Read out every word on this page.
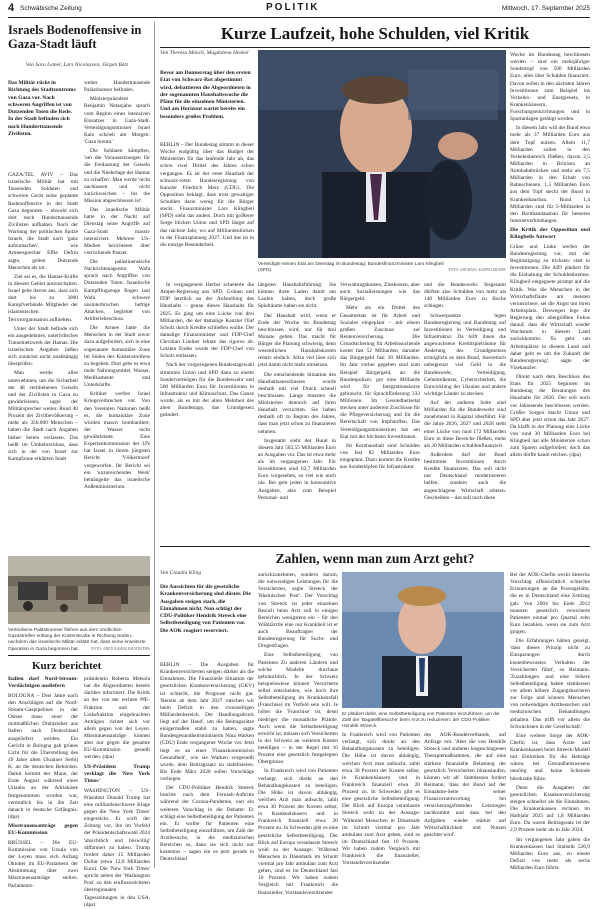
4 Schwäbische Zeitung	POLITIK	Mittwoch, 17. September 2025
Israels Bodenoffensive in Gaza-Stadt läuft
Von Sara Lemel, Lars Nicolaysen, Jürgen Bätz
Das Militär rückt in Richtung des Stadtzentrums von Gaza vor. Nach schweren Angriffen ist von Dutzenden Toten die Rede. In der Stadt befinden sich noch Hunderttausende Zivilisten.

GAZA/TEL AVIV – Das israelische Militär hat mit Tausenden Soldaten und schweren Gerät seine geplante Bodenoffensive in der Stadt Gaza begonnen – obwohl sich dort noch Hunderttausende Zivilisten aufhalten. Nach der Warnung der politischen Spitze Israels, die Stadt nach 'ganz aufzumachen', wie Armeesprecher Effie Defrin sagte, gelten Dutzende Menschen als tot.

Ziel sei es, die Hamas-Kräfte in diesem Gebiet auszuschalten. Israel gehe davon aus, dass sich dort bis zu 3000 Kampfverbände Mitglieder der islamistischen Terrororganisation aufhielten.

Unter der Stadt befinde sich ein ausgedehntes, unterirdisches Tunnelnetzwerk der Hamas. Die israelischen Angaben ließen sich zunächst nicht unabhängig überprüfen.

Man werde alles unternehmen, um die Sicherheit der 48 verbliebenen Geiseln und der Zivilisten in Gaza zu gewährleisten, sagte der Militärsprecher weiter. Rund 40 Prozent der Zivilbevölkerung – mehr als 350.000 Menschen – haben die Stadt nach Angaben bisher Seiten verlassen. Das heißt im Umkehrschluss, dass sich in der von Israel zur Kampfzone erklärten Stadt

weiter Hunderttausende Palästinenser befinden.

Ministerpräsident Benjamin Netanjahu sprach vom Beginn eines intensiven Einsatzes in Gaza-Stadt. Verteidigungsminister Israel Katz schrieb am Morgen: 'Gaza brennt.'

Die Soldaten kämpften, 'um die Voraussetzungen für die Freilassung der Geiseln und die Niederlage der Hamas zu schaffen'. Man werde 'nicht nachlassen und nicht zurückweichen – bis die Mission abgeschlossen ist'.

Das israelische Militär hatte in der Nacht auf Dienstag seine Angriffe auf Gaza-Stadt massiv intensiviert. Mehrere US-Medien berichteten über vorrückende Panzer.

Die palästinensische Nachrichtenagentur Wafa sprach nach Angriffen von Dutzenden Toten. Israelische Kampfflugzeuge flogen laut Wafa schwere unsinterbrochen heftige Attacken, begleitet von Artilleriebeschuss.

Die Armee hatte die Menschen in der Stadt zuvor dazu aufgefordert, sich in eine sogenannte humanitäre Zone im Süden des Küstenstreifens zu begeben. Dort gebe es etwa mehr Nahrungsmittel, Wasser, Medikamente und Unterkünfte.

Kritiker werfen Israel Kriegsverbrechen vor. Von den Vereinten Nationen heißt es, die humanitäre Zone würden massiv bombardiert, der Wasser nicht gewährleistet. Eine Expertenkommission der UN hat Israel in ihrem jüngsten Bericht 'Völkermord' vorgeworfen. Ihr Bericht sei ein 'unzureichendes Werk' bemängelte das israelische Außenministerium.

Vertriebene Palästinenser fliehen aus dem nördlichen Gazastreifen entlang der Küstenstraße in Richtung Süden, nachdem das israelische Militär erklärt hat, dass seine erweiterte Operation in Gaza begonnen hat.	FOTO: ABED RAHIM KHATIB/DPA
Kurz berichtet

Italien darf Nord-Stream-Verdächtigen ausliefern

BOLOGNA – Drei Jahre nach den Anschlägen auf die Nord-Stream-Gaspipelines in der Ostsee muss einer der mutmaßlichen Drahtzieher aus Italien nach Deutschland ausgeliefert werden. Ein Gericht in Bologna gab grünes Licht für die Überstellung des 49 Jahre alten Ukrainer Serhij K. an die deutschen Behörden. Damit kommt der Mann, der Ende August während eines Urlaubs an der Adriaküste festgenommen worden war, vermutlich bis in die Zeit danach in deutsche Gefängnis. (dpa)

Misstrauensanträge gegen EU-Kommission

BRÜSSEL – Die EU-Kommission von Ursula von der Leyen muss sich Anfang Oktober im EU-Parlament der Abstimmung über zwei Misstrauensanträge stellen. Parlaments-

präsidentin Roberta Metsola hat die Abgeordneten bereits darüber informiert. Die Kritik an der von der rechten PfE-Fraktion und der Linksfraktion eingebrachten Anträgen richtet sich vor allem gegen von der Leyen. Misstrauensanträge können aber nur gegen die gesamte EU-Kommission gestellt werden. (dpa)

US-Präsident Trump verklagt die 'New York Times'

WASHINGTON – US-Präsident Donald Trump hat eine milliardenschwere Klage gegen die 'New York Times' eingereicht. Er wirft der Zeitung vor, ihn im Vorfeld der Präsidentschaftswahl 2024 'absichtlich und böswillig' diffamiert zu haben. Trump fordert daher 15 Milliarden Dollar (etwa 12,8 Milliarden Euro). Die 'New York Times' spricht neben der 'Washington Post' zu den einflussreichsten überregionalen Tageszeitungen in den USA. (dpa)

Kurze Laufzeit, hohe Schulden, viel Kritik
Von Theresa Münch, Magdalena Henkel
Bevor am Donnerstag über den ersten Etat von Schwarz-Rot abgestimmt wird, debattieren die Abgeordneten in der sogenannten Haushaltswoche die Pläne für die einzelnen Ministerien. Und am Horizont wartet bereits ein besonders großes Problem.
Verteidigte seinen Etat am Dienstag im Bundestag: Bundesfinanzminister Lars Klingbeil (SPD).	FOTO: MICHAEL KAPPELER/DPA

BERLIN – Der Bundestag stimmt in dieser Woche endgültig über das Budget der Ministerien für das laufende Jahr ab, das schon zwei Drittel des Jahres schon vergangen. Es ist der erste Haushalt der schwarz-roten Bundesregierung von Kanzler Friedrich Merz (CDU). Die Opposition beklagt, dass trotz gewaltiger Schulden darin wenig für die Bürger steckt. Finanzminister Lars Klingbeil (SPD) sieht das anders. Doch mit größerer Sorge blicken Union und SPD längst auf das nächste Jahr, wo auf Milliardenlücken in der Finanzplanung 2027. Und das ist in die einzige Besonderheit.

In vergangenem Herbst scheiterte die Ampel-Regierung aus SPD, Grünen und FDP letztlich an der Aufstellung des Haushalts – genau dieses Haushalts für 2025. Es ging um eine Lücke von drei Milliarden, die der damalige Kanzler Olaf Scholz durch Kredite schließen wollte. Der damalige Finanzminister und FDP-Chef Christian Lindner lehnte das rigoros ab. Letzten Endes wurde der FDP-Chef von Scholz entlassen.

Nach der vorgezogenen Bundestagswahl stimmten Union und SPD dann zu einem Sondervermögen für die Bundeswehr und 500 Milliarden Euro für Investitionen in Infrastruktur und Klimaschutz. Das Ganze wurde, als es mit der alten Mehrheit des alten Bundestags, das Grundgesetz geändert.

längsten Haushaltsführung: Sie können ihren Laden damit am Laufen halten, doch große Spielräume haben sie nicht.

Der Haushalt wird, wenn er Ende der Woche im Bundestag beschlossen wird, nur für drei Monate gelten. Das macht für Bürger die Planung schwierig, denn wesentlichen Haushaltskosten relativ einfach: Allzu viel lässt sich jetzt damit nicht mehr umsetzen.

Die entscheidende Situation des Haushaltsausschusses wurde deshalb mit viel Druck schnell beschlossen. Lange mussten die Ministerien dennoch auf ihren Haushalt verzichten. Sie haben deshalb oft zu Beginn des Jahres, dass man jetzt schon zu finanzieren nehmen.

Insgesamt sieht der Bund in diesem Jahr 502,55 Milliarden Euro an Ausgaben vor. Das ist etwa mehr als im vergangenen Jahr. Für Investitionen sind 62,7 Milliarden Euro vorgesehen, so viel wie noch nie. Bei geht jeden in konsumtive Ausgaben, also zum Beispiel Personal- und

Verwaltungskosten, Zinskosten, aber auch Sozialleistungen wie das Bürgergeld.

Mehr als ein Drittel des Gesamtetats ist für Arbeit und Soziales eingeplant – mit einem großen Zuschuss zur Rentenversicherung. Die Grundsicherung für Arbeitssuchende kostet fast 52 Milliarden, darunter das Bürgergeld fast 30 Milliarden. Im Jahr vorher gegeben sind zum Beispiel Bürgergeld, an die Bundespolizei, gut eine Milliarde wird für Integrationskurse gebraucht, für Sprachförderung 333 Millionen. Im Gesundheitsetat stecken unter anderem Zuschüsse für die Pflegeversicherung und für die Bereitschaft von Impfstoffen. Das Verteidigungsministerium hat am Etat mit der höchsten Investitionen.

Im Kernhaushalt sind Schulden von fast 82 Milliarden Euro eingeplant. Dazu kommt die Kredite aus Sondertöpfen für Infrastruktur

und die Bundeswehr. Insgesamt dürften also Schulden von mehr als 140 Milliarden Euro zu Buche schlagen.

Schwerpunkte legen Bundesregierung und Bundestag auf Investitionen in Verteidigung und Infrastruktur. Da hilft ihnen die angewachsene Kreditspielräume für Änderung des Grundgesetzes ermöglicht es dem Bund, theoretisch unbegrenzt viel Geld in die Bundeswehr, Verteidigung, Geheimdienste, Cybersicherheit, die Entwicklung der Ukraine und andere wichtige Länder zu stecken.

Auf der anderen Seite sind Milliarden für die Bundeswehr sind zunehmend in Kapital überführt. Für die Jahre 2026, 2027 und 2028 steht einer Lücke von rund 172 Milliarden Euro in diese Bereiche fließen, mehr als 30 Milliarden schuldenfinanziert.

Außerdem darf der Bund bestimmte Investitionen durch Kredite finanzieren. Das soll nicht nur Deutschland modernisieren helfen, sondern auch die angeschlagene Wirtschaft stützen. Gescheiben – das soll noch diese

Woche im Bundestag beschlossen werden – sind ein mehrjähriger Sondertopf von 500 Milliarden Euro, alles über Schulden finanziert. Davon sollen in den nächsten Jahren Investitionen zum Beispiel ins Verkehrs- und Energienetz, in Krankenhäusern, Forschungseinrichtungen und in Sportanlagen getätigt werden.

In diesem Jahr will der Bund etwa mehr als 37 Milliarden Euro aus dem Topf nutzen. Allein 11,7 Milliarden sollen in den Verkehrsbereich fließen, davon 2,5 Milliarden in Brücken an Autobahnbrücken und mehr als 7,5 Milliarden in den Erhalt von Bahnschienen. 1,5 Milliarden Euro aus dem Topf steckt der Bund in Krankenhausbau. Rund 1,4 Milliarden sind für 5-Milliarden in den Breitbandausbau für besseres Internetverbindungen.

Die Kritik der Opposition und Klingbeils Antwort

Grüne und Linke werfen der Bundesregierung vor, mit der Begünstigung zu tricksen: statt in Investitionen. Die AfD plädiert für die Einhaltung der Schuldenbremse. Klingbeil entgegnete prompt auf die Kritik. Was die Menschen in der Wirtschaftsflaute am meisten verunsichere, sei die Angst um ihren Arbeitsplatz. Deswegen lege die Regierung den allergrößten Fokus darauf, dass die Wirtschaft wieder Wachstum in diesem Land zurückkommt. 'Es geht um Arbeitsplätze in diesem Land und daher geht es um die Zukunft der Bundesregierung', sagte der Vizekanzler.

Direkt nach dem Beschluss des Etats für 2025 beginnen im Bundestag die Beratungen des Haushalts für 2026. Der soll noch vor Jahresende beschlossen werden. Größer Sorgen macht Union und SPD aber jetzt schon das Jahr 2027. Da klafft in der Planung eine Lücke von rund 30 Milliarden Euro bei Klingbeil hat alle Ministerien schon zum Sparen aufgefordert, doch das allein dürfte kaum reichen. (dpa)

Zahlen, wenn man zum Arzt geht?
Von Claudia Kling
Die Aussichten für die gesetzliche Krankenversicherung sind düster. Die Ausgaben steigen stark, die Einnahmen nicht. Nun schlägt der CDU-Politiker Hendrik Streeck eine Selbstbeteiligung von Patienten vor. Die AOK reagiert reserviert.

BERLIN – Die Ausgaben für Krankenversicherten steigen stärker als die Einnahmen. Die Finanzielle Situation der gesetzlichen Krankenversicherung (GKV) ist schlecht, die Prognose nicht gut. 'Bereits ab dem Jahr 2027 rutschen wir beim Defizit in den zweistelligen Milliardenbereich. Der Handlungsdruck liegt auf der Hand', um die Beitragssätze einigermaßen stabil zu halten, sagte Bundesgesundheitsministerin Nina Warken (CDU) Ende vergangener Woche vor. Jetzt liegt es an einer 'Finanzkommission Gesundheit', wie sie Warken vorgestellt wurde, dem Beitragssatz zu stabilisieren. Bis Ende März 2026 sollen Vorschläge vorliegen.

Der CDU-Politiker Hendrik Streeck brachte nach dem Fernseh-Auftritte während der Corona-Pandemie, nun ein weiteren Vorschlag in die Debatte: Er schlägt eine Selbstbeteiligung der Patienten ein. Er wollte für Patienten eine Selbstbeteiligung einzuführen, um Zahl der Arztbesuche, in die medizinischen Bereichen so, dann sie sich nicht nur kostenlos – sagen ein es jetzt gerade in Deutschland

zurückzunehmen, sondern darum, die notwendigen Leistungen für die Versicherten, sagte Streeck der 'Rheinischen Post'. Der Vorschlag von Streeck ist jeder einzelnen Besuch beim Arzt soll in einigen Bereichen wenigstens ein – für den Wähltärztle eine nur Krankheit ist er auch Beauftragter der Bundesregierung für Sucht- und Drogenfragen.

Eine Selbstbeteiligung von Patienten Zu anderen Ländern und solche Modelle durchaus gebräuchlich. In der Schweiz beispielsweise können Versicherte selbst entscheiden, wie hoch ihre Selbstbeteiligung im Krankheitsfall (Franchise) im Vorfeld sein will. Je höher die 'Franchise' ist, desto niedriger die monatliche Prämie. Auch wenn die Selbstbeteiligung erreicht ist, müssen sich Versicherten in der Schweiz an weiteren Kosten beteiligen – in der Regel mit 10 Prozent eine gesetzlich festgelegten Obergrenze.

In Frankreich wird von Patienten verlangt, sich direkt an den Behandlungskosten zu beteiligen. Die Höhe ist davon abhängig, welchen Arzt man aufsucht, zahlt etwa 30 Prozent der Kosten selbst, in Krankenhäusern und in Frankreich finanziell etwa 20 Prozent zu. In Schweden gibt es eine gesetzliche Selbstbeteiligung. Der Blick auf Europa veranlasste Streeck wohl zu der Aussage: 'Während Menschen in Dänemark im Schnitt viermal pro Jahr ambulant zum Arzt gehen, sind es im Deutschland fast 10 Prozent. Wir haben zudem Vergleich mit Frankreich die finanzieller, Vorstandsvorsitzender

Er plädiert dafür, eine Selbstbeteiligung von Patienten einzuführen, um die Zahl der 'Bagatellbesuche' beim Arzt zu reduzieren: der CDU-Politiker Hendrik Streeck.

des AOK-Bundesverbands, auf Anfrage mit. 'Aber die von Hendrik Streeck und anderen losgeschlagenen Therapiemaßnahmen, die auf eine stärkere finanzielle Belastung der gesetzlich Versicherten hinauslaufen, können wir ab'. Stattdessen fordert Reimann, 'dass der Bund auf der Einnahme-Seite seiner Finanzverantwortung bei versicherungsfremden Leistungen nachkommt und dass bei den Aufgaben wieder stärker auf Wirtschaftlichkeit und Nutzen geachtet wird'.

In Frankreich wird von Patienten verlangt, sich direkt an den Behandlungskosten zu beteiligen. Die Höhe ist davon abhängig, welchen Arzt man aufsucht, zahlt etwa 30 Prozent der Kosten selbst, in Krankenhäusern und in Frankreich finanziell etwa 20 Prozent zu. In Schweden gibt es eine gesetzliche Selbstbeteiligung. Der Blick auf Europa veranlasste Streeck wohl zu der Aussage: 'Während Menschen in Dänemark im Schnitt viermal pro Jahr ambulant zum Arzt gehen, sind es im Deutschland fast 10 Prozent. Wir haben zudem Vergleich mit Frankreich die finanzieller, Vorstandsvorsitzender

Bei der AOK-Chefin weckt Streecks Vorschlag offensichtlich schlechte Erinnerungen an die Praxisgebühr, die es in Deutschland eine Zeitlang gab. Von 2004 bis Ende 2012 mussten gesetzlich versicherte Patienten einmal pro Quartal zehn Euro bezahlen, wenn sie zum Arzt gingen.

Die Erfahrungen hätten gezeigt, 'dass dieses Prinzip nicht zu Einsparungen durch kostenbewusstes Verhalten der Versicherten führt', so Reimann. 'Zuzahlungen und eine höhere Selbstbeteiligung haben stattdessen vor allem höhere Zugangsbarrieren zur Folge und können Menschen von notwendigen Arztbesuchen und medizinischen Behandlungen abhalten. Das trifft vor allem die Schwächsten in der Gesellschaft.'

Eine weitere Sorge der AOK-Chefin ist, dass Ärzte und Krankenkassen beim Streeck-Modell mit Eintreiben für die Beiträge wären, bei Gesundheitswesens unnötig und keine Scheinde bürokratie führe.

Denn die Ausgaben der gesetzlichen Krankenversicherung steigen schneller als die Einnahmen. Die Krankenkassen rechnen im Halbjahr 2025 auf 1,8 Milliarden Euro. Da waren Beitragssatz ist der 2,9 Prozent mehr als in Jahr 2024.

Im vergangenen Jahr gaben die Krankenkassen laut Statistik 526,9 Milliarden Euro aus, zu einem Defizit von mehr als sechs Milliarden Euro führte.
